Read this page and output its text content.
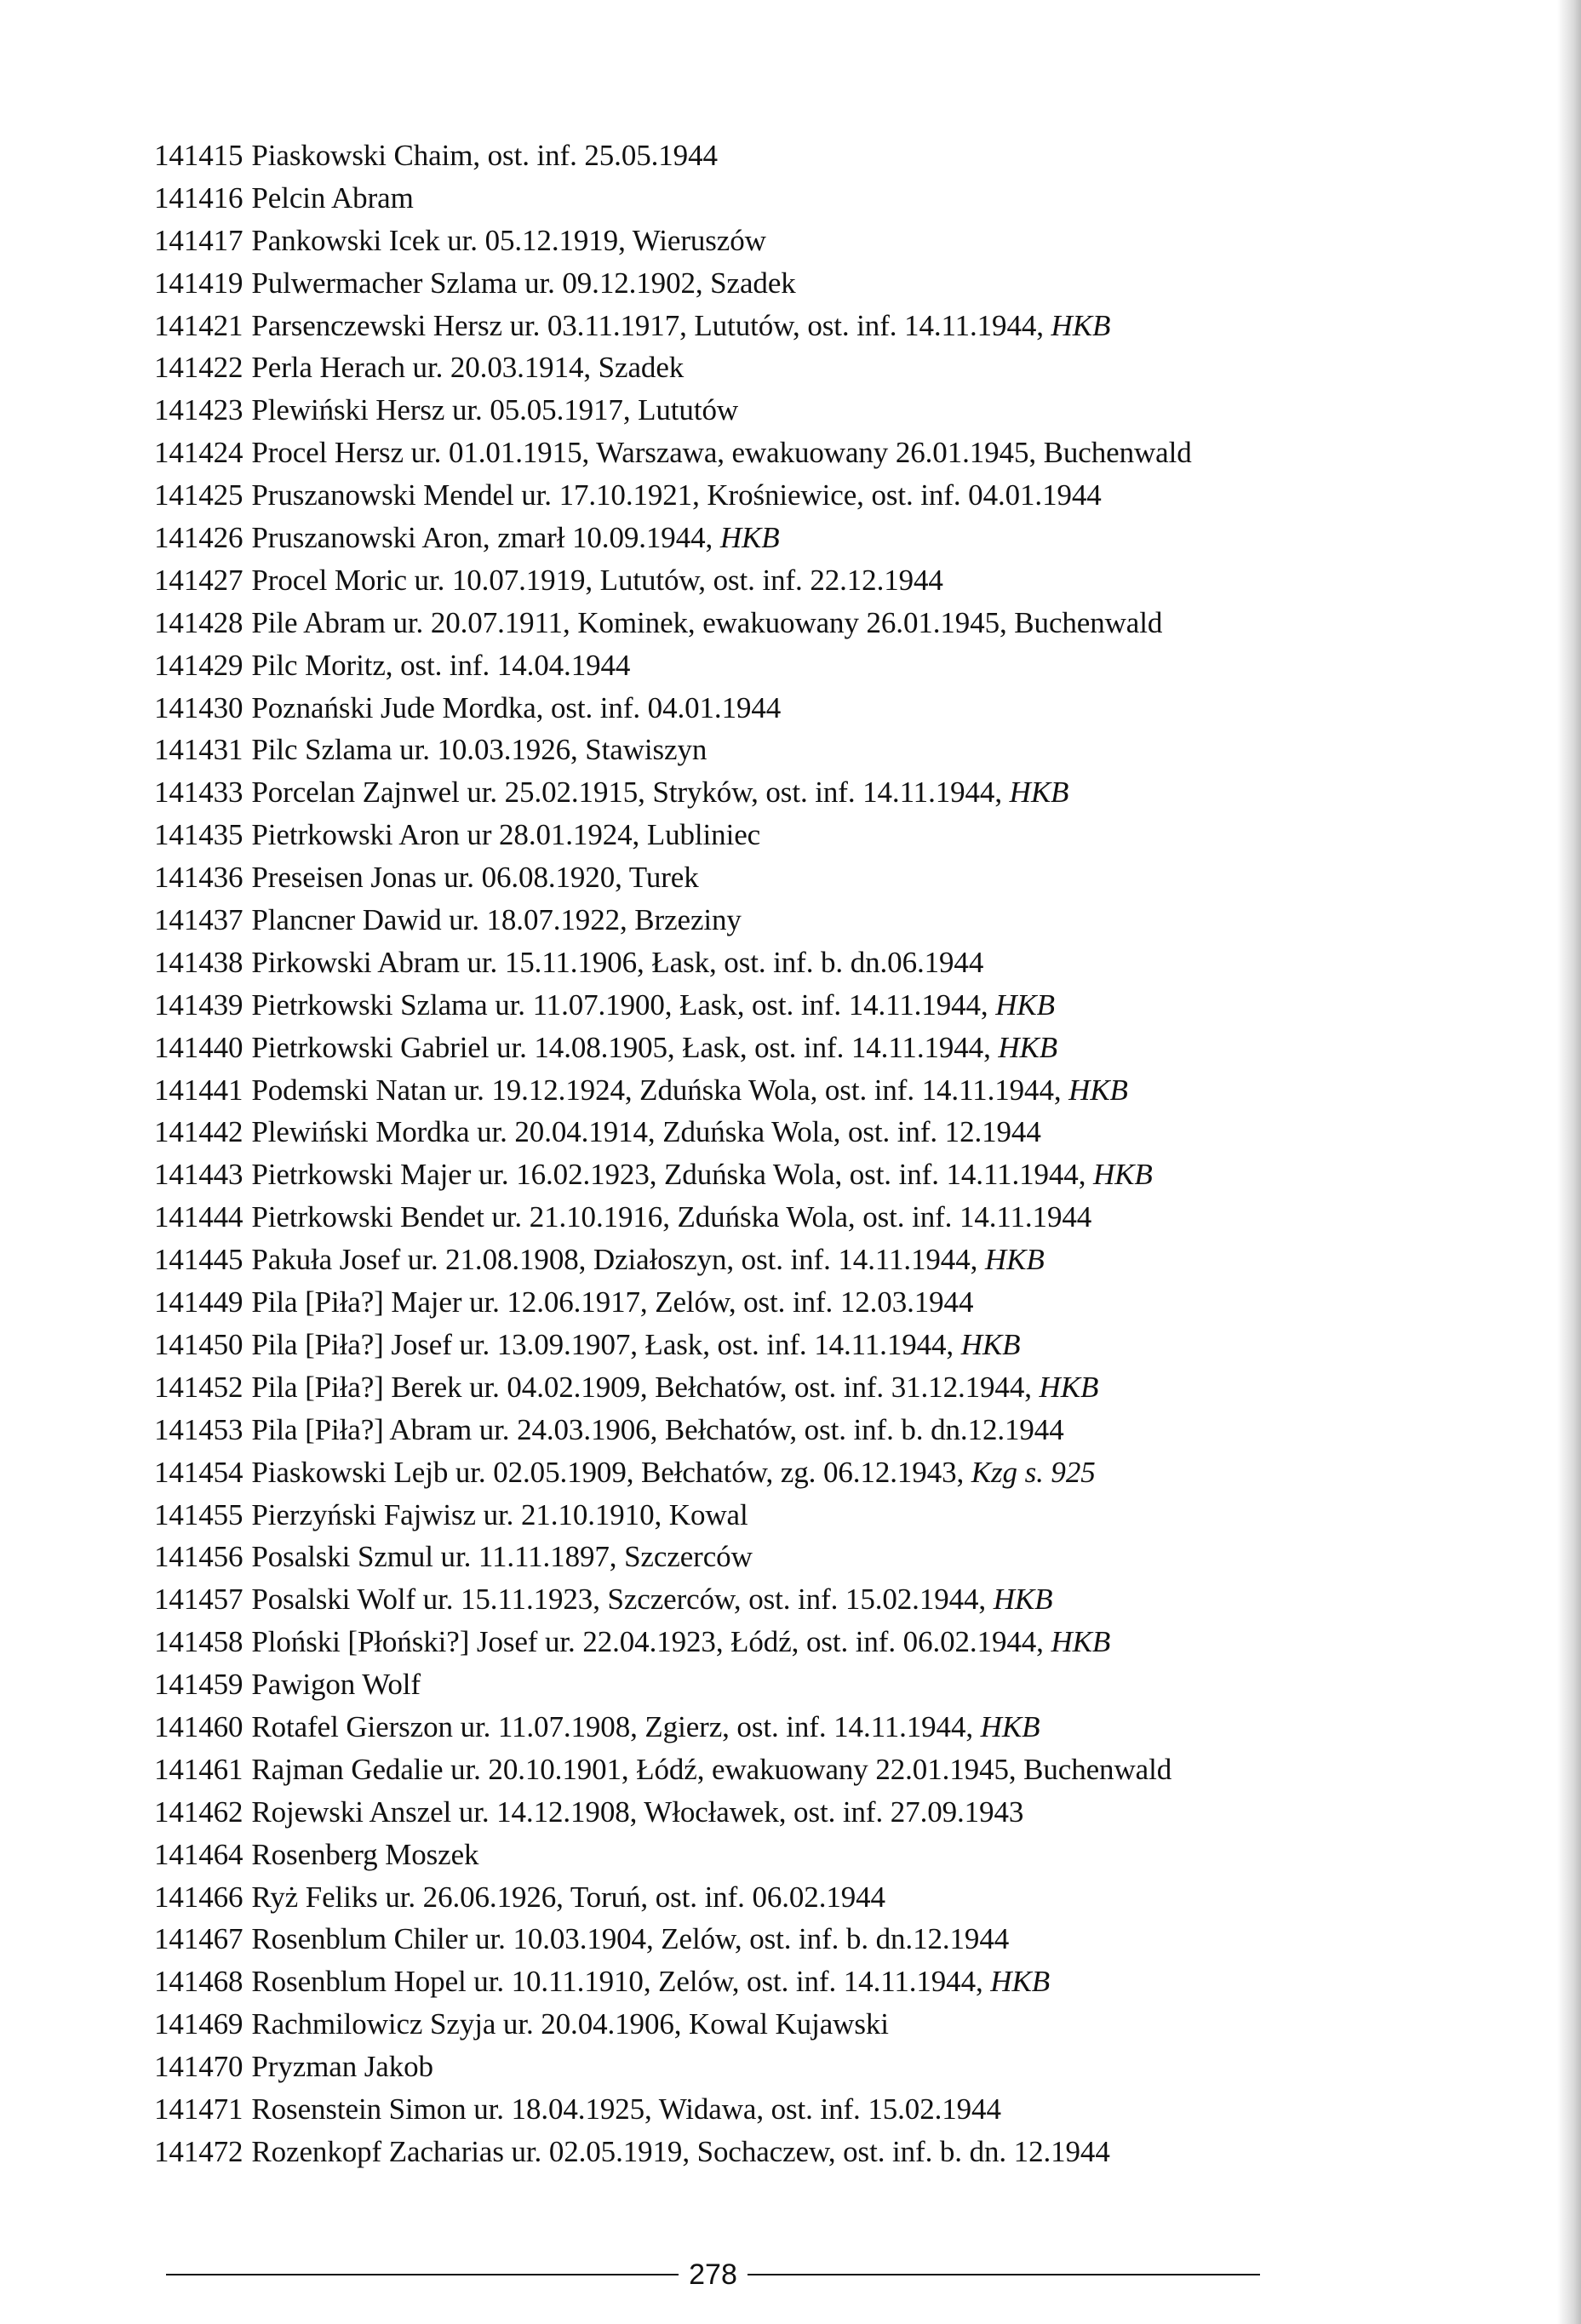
141415 Piaskowski Chaim, ost. inf. 25.05.1944
141416 Pelcin Abram
141417 Pankowski Icek ur. 05.12.1919, Wieruszów
141419 Pulwermacher Szlama ur. 09.12.1902, Szadek
141421 Parsenczewski Hersz ur. 03.11.1917, Lututów, ost. inf. 14.11.1944, HKB
141422 Perla Herach ur. 20.03.1914, Szadek
141423 Plewiński Hersz ur. 05.05.1917, Lututów
141424 Procel Hersz ur. 01.01.1915, Warszawa, ewakuowany 26.01.1945, Buchenwald
141425 Pruszanowski Mendel ur. 17.10.1921, Krośniewice, ost. inf. 04.01.1944
141426 Pruszanowski Aron, zmarł 10.09.1944, HKB
141427 Procel Moric ur. 10.07.1919, Lututów, ost. inf. 22.12.1944
141428 Pile Abram ur. 20.07.1911, Kominek, ewakuowany 26.01.1945, Buchenwald
141429 Pilc Moritz, ost. inf. 14.04.1944
141430 Poznański Jude Mordka, ost. inf. 04.01.1944
141431 Pilc Szlama ur. 10.03.1926, Stawiszyn
141433 Porcelan Zajnwel ur. 25.02.1915, Stryków, ost. inf. 14.11.1944, HKB
141435 Pietrkowski Aron ur 28.01.1924, Lubliniec
141436 Preseisen Jonas ur. 06.08.1920, Turek
141437 Plancner Dawid ur. 18.07.1922, Brzeziny
141438 Pirkowski Abram ur. 15.11.1906, Łask, ost. inf. b. dn.06.1944
141439 Pietrkowski Szlama ur. 11.07.1900, Łask, ost. inf. 14.11.1944, HKB
141440 Pietrkowski Gabriel ur. 14.08.1905, Łask, ost. inf. 14.11.1944, HKB
141441 Podemski Natan ur. 19.12.1924, Zduńska Wola, ost. inf. 14.11.1944, HKB
141442 Plewiński Mordka ur. 20.04.1914, Zduńska Wola, ost. inf. 12.1944
141443 Pietrkowski Majer ur. 16.02.1923, Zduńska Wola, ost. inf. 14.11.1944, HKB
141444 Pietrkowski Bendet ur. 21.10.1916, Zduńska Wola, ost. inf. 14.11.1944
141445 Pakuła Josef ur. 21.08.1908, Działoszyn, ost. inf. 14.11.1944, HKB
141449 Pila [Piła?] Majer ur. 12.06.1917, Zelów, ost. inf. 12.03.1944
141450 Pila [Piła?] Josef ur. 13.09.1907, Łask, ost. inf. 14.11.1944, HKB
141452 Pila [Piła?] Berek ur. 04.02.1909, Bełchatów, ost. inf. 31.12.1944, HKB
141453 Pila [Piła?] Abram ur. 24.03.1906, Bełchatów, ost. inf. b. dn.12.1944
141454 Piaskowski Lejb ur. 02.05.1909, Bełchatów, zg. 06.12.1943, Kzg s. 925
141455 Pierzyński Fajwisz ur. 21.10.1910, Kowal
141456 Posalski Szmul ur. 11.11.1897, Szczerców
141457 Posalski Wolf ur. 15.11.1923, Szczerców, ost. inf. 15.02.1944, HKB
141458 Ploński [Płoński?] Josef ur. 22.04.1923, Łódź, ost. inf. 06.02.1944, HKB
141459 Pawigon Wolf
141460 Rotafel Gierszon ur. 11.07.1908, Zgierz, ost. inf. 14.11.1944, HKB
141461 Rajman Gedalie ur. 20.10.1901, Łódź, ewakuowany 22.01.1945, Buchenwald
141462 Rojewski Anszel ur. 14.12.1908, Włocławek, ost. inf. 27.09.1943
141464 Rosenberg Moszek
141466 Ryż Feliks ur. 26.06.1926, Toruń, ost. inf. 06.02.1944
141467 Rosenblum Chiler ur. 10.03.1904, Zelów, ost. inf. b. dn.12.1944
141468 Rosenblum Hopel ur. 10.11.1910, Zelów, ost. inf. 14.11.1944, HKB
141469 Rachmilowicz Szyja ur. 20.04.1906, Kowal Kujawski
141470 Pryzman Jakob
141471 Rosenstein Simon ur. 18.04.1925, Widawa, ost. inf. 15.02.1944
141472 Rozenkopf Zacharias ur. 02.05.1919, Sochaczew, ost. inf. b. dn. 12.1944
278
